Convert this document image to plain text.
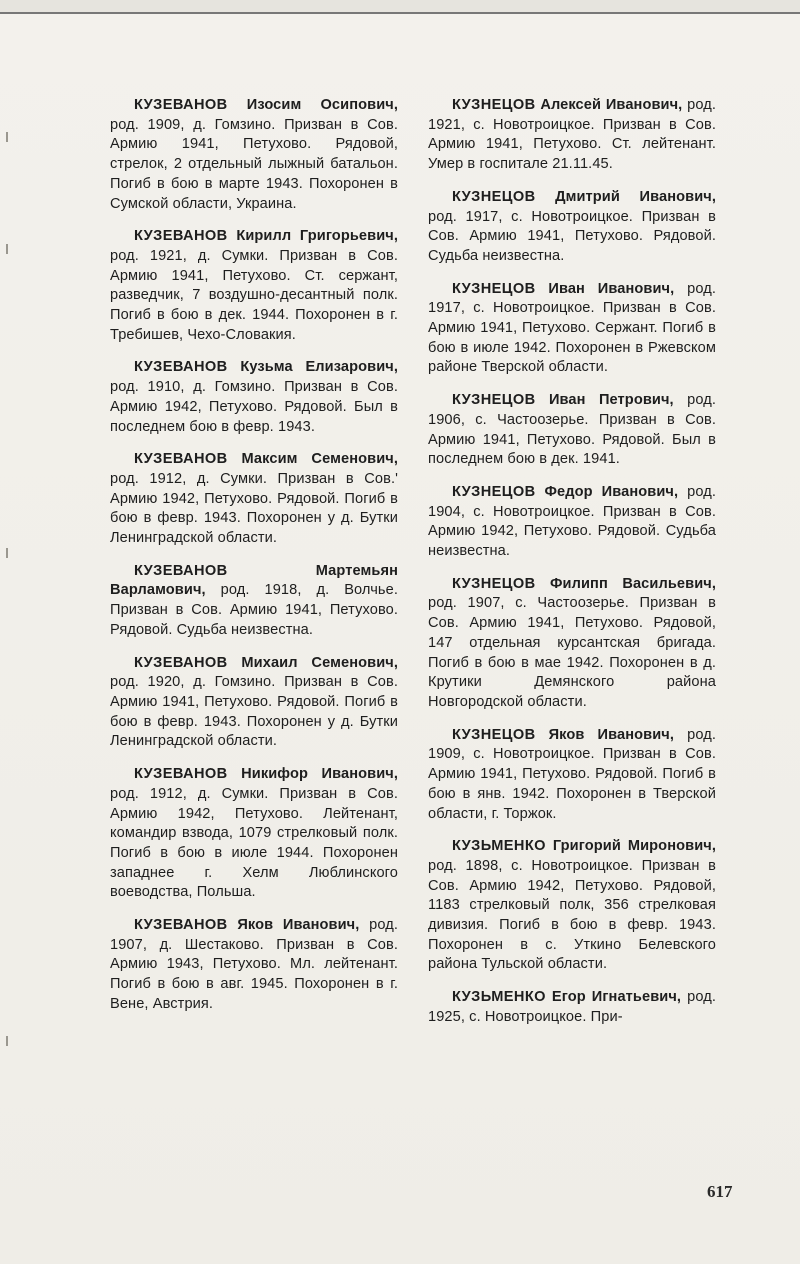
КУЗЕВАНОВ Изосим Осипович, род. 1909, д. Гомзино. Призван в Сов. Армию 1941, Петухово. Рядовой, стрелок, 2 отдельный лыжный батальон. Погиб в бою в марте 1943. Похоронен в Сумской области, Украина.

КУЗЕВАНОВ Кирилл Григорьевич, род. 1921, д. Сумки. Призван в Сов. Армию 1941, Петухово. Ст. сержант, разведчик, 7 воздушно-десантный полк. Погиб в бою в дек. 1944. Похоронен в г. Требишев, Чехо-Словакия.

КУЗЕВАНОВ Кузьма Елизарович, род. 1910, д. Гомзино. Призван в Сов. Армию 1942, Петухово. Рядовой. Был в последнем бою в февр. 1943.

КУЗЕВАНОВ Максим Семенович, род. 1912, д. Сумки. Призван в Сов.' Армию 1942, Петухово. Рядовой. Погиб в бою в февр. 1943. Похоронен у д. Бутки Ленинградской области.

КУЗЕВАНОВ	Мартемьян Варламович, род. 1918, д. Волчье. Призван в Сов. Армию 1941, Петухово. Рядовой. Судьба неизвестна.

КУЗЕВАНОВ Михаил Семенович, род. 1920, д. Гомзино. Призван в Сов. Армию 1941, Петухово. Рядовой. Погиб в бою в февр. 1943. Похоронен у д. Бутки Ленинградской области.

КУЗЕВАНОВ Никифор Иванович, род. 1912, д. Сумки. Призван в Сов. Армию 1942, Петухово. Лейтенант, командир взвода, 1079 стрелковый полк. Погиб в бою в июле 1944. Похоронен западнее г. Хелм Люблинского воеводства, Польша.

КУЗЕВАНОВ Яков Иванович, род. 1907, д. Шестаково. Призван в Сов. Армию 1943, Петухово. Мл. лейтенант. Погиб в бою в авг. 1945. Похоронен в г. Вене, Австрия.

КУЗНЕЦОВ Алексей Иванович, род. 1921, с. Новотроицкое. Призван в Сов. Армию 1941, Петухово. Ст. лейтенант. Умер в госпитале 21.11.45.

КУЗНЕЦОВ Дмитрий Иванович, род. 1917, с. Новотроицкое. Призван в Сов. Армию 1941, Петухово. Рядовой. Судьба неизвестна.

КУЗНЕЦОВ Иван Иванович, род. 1917, с. Новотроицкое. Призван в Сов. Армию 1941, Петухово. Сержант. Погиб в бою в июле 1942. Похоронен в Ржевском районе Тверской области.

КУЗНЕЦОВ Иван Петрович, род. 1906, с. Частоозерье. Призван в Сов. Армию 1941, Петухово. Рядовой. Был в последнем бою в дек. 1941.

КУЗНЕЦОВ Федор Иванович, род. 1904, с. Новотроицкое. Призван в Сов. Армию 1942, Петухово. Рядовой. Судьба неизвестна.

КУЗНЕЦОВ Филипп Васильевич, род. 1907, с. Частоозерье. Призван в Сов. Армию 1941, Петухово. Рядовой, 147 отдельная курсантская бригада. Погиб в бою в мае 1942. Похоронен в д. Крутики Демянского района Новгородской области.

КУЗНЕЦОВ Яков Иванович, род. 1909, с. Новотроицкое. Призван в Сов. Армию 1941, Петухово. Рядовой. Погиб в бою в янв. 1942. Похоронен в Тверской области, г. Торжок.

КУЗЬМЕНКО Григорий Миронович, род. 1898, с. Новотроицкое. Призван в Сов. Армию 1942, Петухово. Рядовой, 1183 стрелковый полк, 356 стрелковая дивизия. Погиб в бою в февр. 1943. Похоронен в с. Уткино Белевского района Тульской области.

КУЗЬМЕНКО Егор Игнатьевич, род. 1925, с. Новотроицкое. При-

617
